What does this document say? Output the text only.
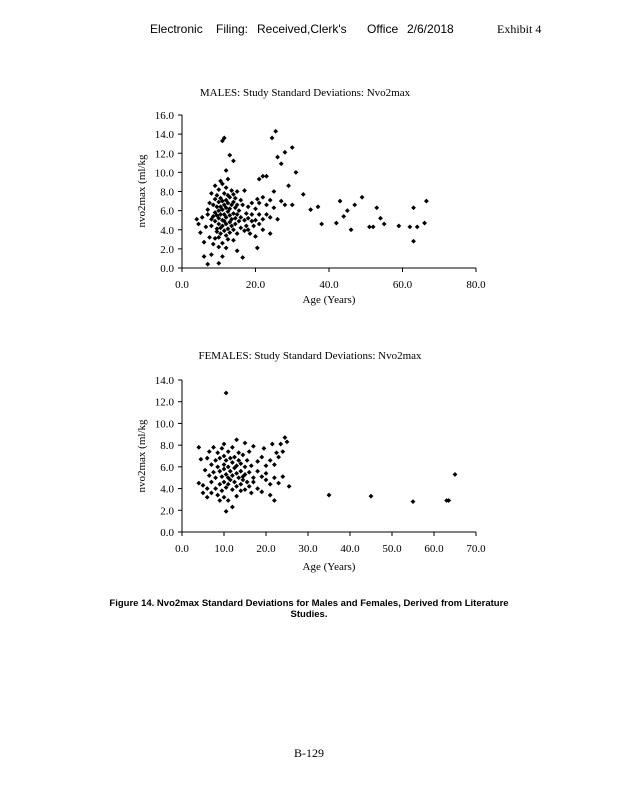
Electronic Filing: Received,Clerk's Office 2/6/2018	Exhibit 4
MALES: Study Standard Deviations: Nvo2max
nvo2max (ml/kg
Age (Years)
0.0
2.0
4.0
6.0
8.0
10.0
12.0
14.0
16.0
0.0	20.0	40.0	60.0	80.0
FEMALES: Study Standard Deviations: Nvo2max
nvo2max (ml/kg
Age (Years)
0.0
2.0
4.0
6.0
8.0
10.0
12.0
14.0
0.0 10.0 20.0 30.0 40.0 50.0 60.0 70.0
Figure 14. Nvo2max Standard Deviations for Males and Females, Derived from Literature
Studies.
B-129
